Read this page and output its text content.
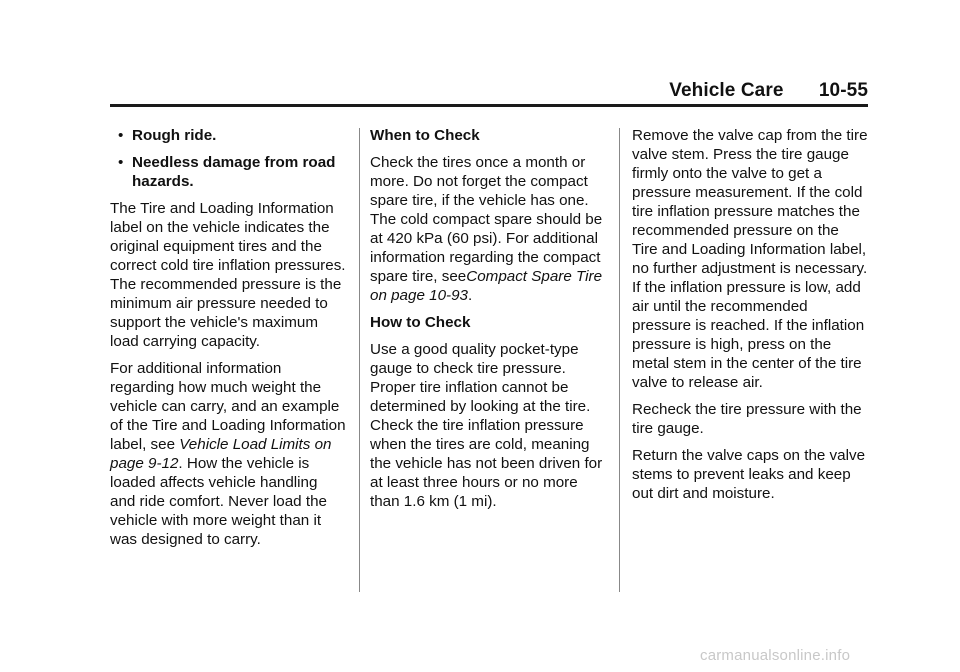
Vehicle Care 10-55
• Rough ride.
• Needless damage from road hazards.

The Tire and Loading Information label on the vehicle indicates the original equipment tires and the correct cold tire inflation pressures. The recommended pressure is the minimum air pressure needed to support the vehicle's maximum load carrying capacity.

For additional information regarding how much weight the vehicle can carry, and an example of the Tire and Loading Information label, see Vehicle Load Limits on page 9-12. How the vehicle is loaded affects vehicle handling and ride comfort. Never load the vehicle with more weight than it was designed to carry.

When to Check

Check the tires once a month or more. Do not forget the compact spare tire, if the vehicle has one. The cold compact spare should be at 420 kPa (60 psi). For additional information regarding the compact spare tire, seeCompact Spare Tire on page 10-93.

How to Check

Use a good quality pocket-type gauge to check tire pressure. Proper tire inflation cannot be determined by looking at the tire. Check the tire inflation pressure when the tires are cold, meaning the vehicle has not been driven for at least three hours or no more than 1.6 km (1 mi).

Remove the valve cap from the tire valve stem. Press the tire gauge firmly onto the valve to get a pressure measurement. If the cold tire inflation pressure matches the recommended pressure on the Tire and Loading Information label, no further adjustment is necessary. If the inflation pressure is low, add air until the recommended pressure is reached. If the inflation pressure is high, press on the metal stem in the center of the tire valve to release air.

Recheck the tire pressure with the tire gauge.

Return the valve caps on the valve stems to prevent leaks and keep out dirt and moisture.

carmanualsonline.info
